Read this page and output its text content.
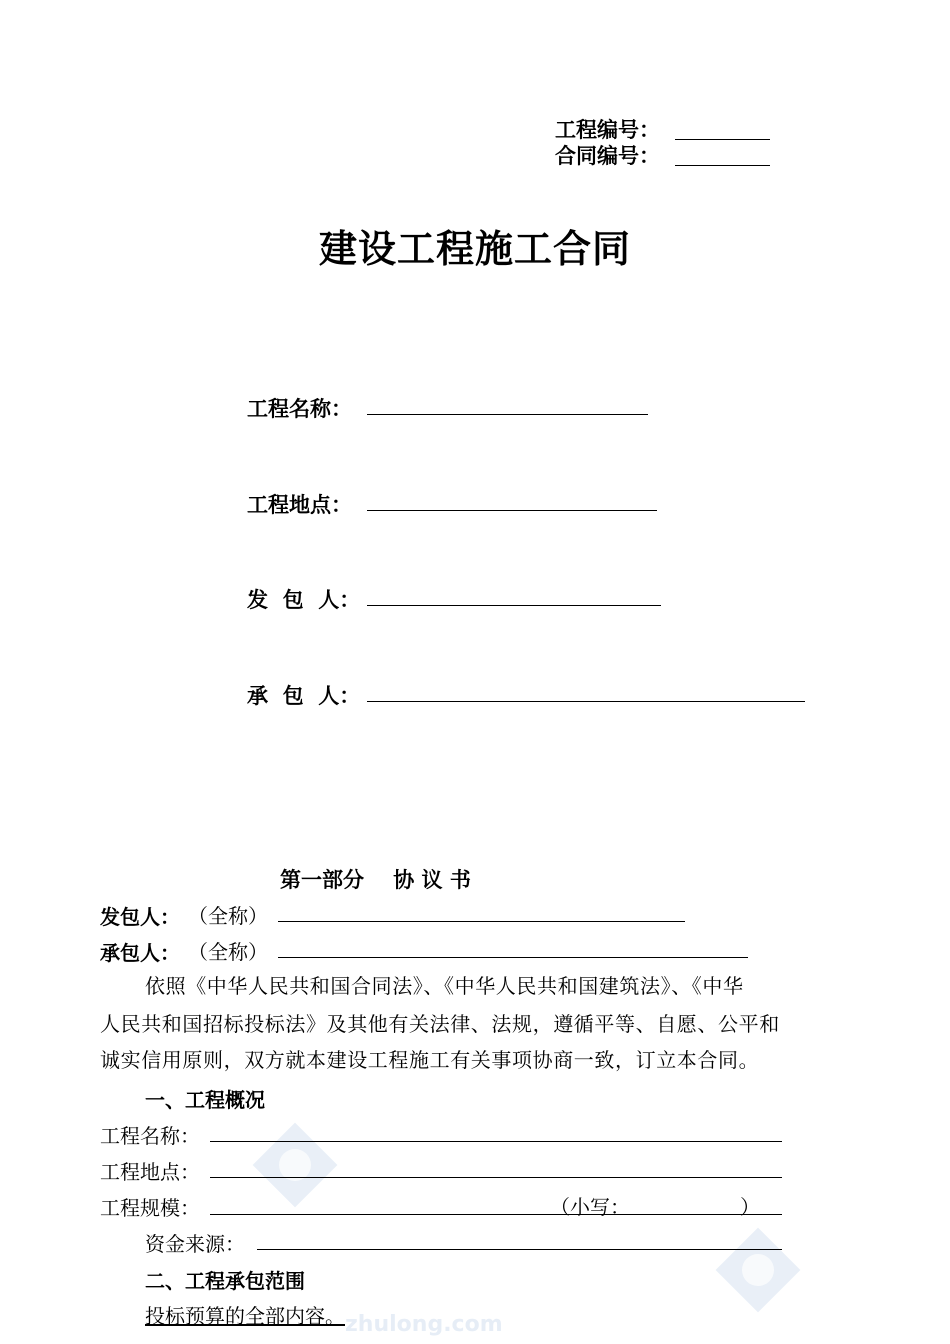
zhulong.com
工程编号：
合同编号：
建设工程施工合同
工程名称：
工程地点：
发  包  人：
承  包  人：
第一部分    协 议 书
发包人： （全称）
承包人： （全称）
依照《中华人民共和国合同法》、《中华人民共和国建筑法》、《中华
人民共和国招标投标法》及其他有关法律、法规，遵循平等、自愿、公平和
诚实信用原则，双方就本建设工程施工有关事项协商一致，订立本合同。
一、工程概况
工程名称：
工程地点：
工程规模：	（小写：	）
资金来源：
二、工程承包范围
投标预算的全部内容。
